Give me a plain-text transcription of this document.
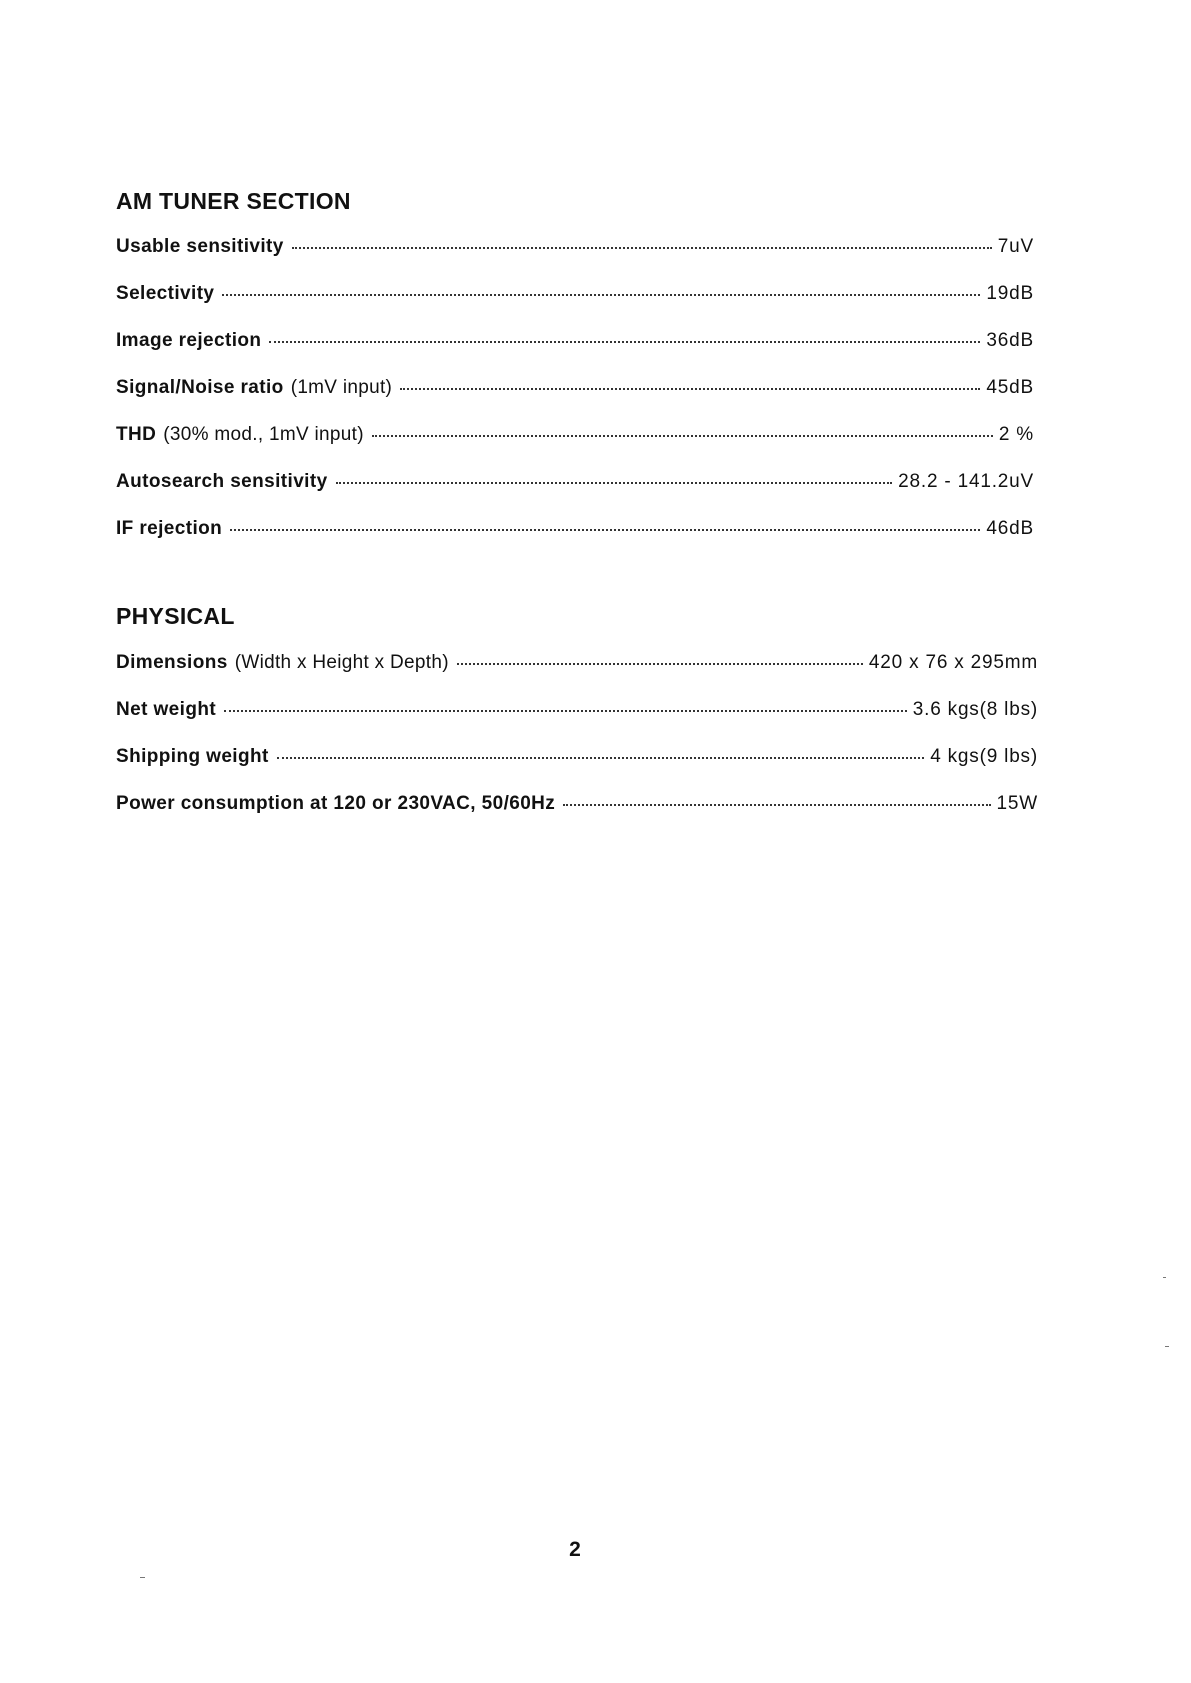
AM TUNER SECTION
Usable sensitivity	7uV
Selectivity	19dB
Image rejection	36dB
Signal/Noise ratio (1mV input)	45dB
THD (30% mod., 1mV input)	2 %
Autosearch sensitivity	28.2 - 141.2uV
IF rejection	46dB
PHYSICAL
Dimensions (Width x Height x Depth)	420 x 76 x 295mm
Net weight	3.6 kgs(8 lbs)
Shipping weight	4 kgs(9 lbs)
Power consumption at 120 or 230VAC, 50/60Hz	15W

2
